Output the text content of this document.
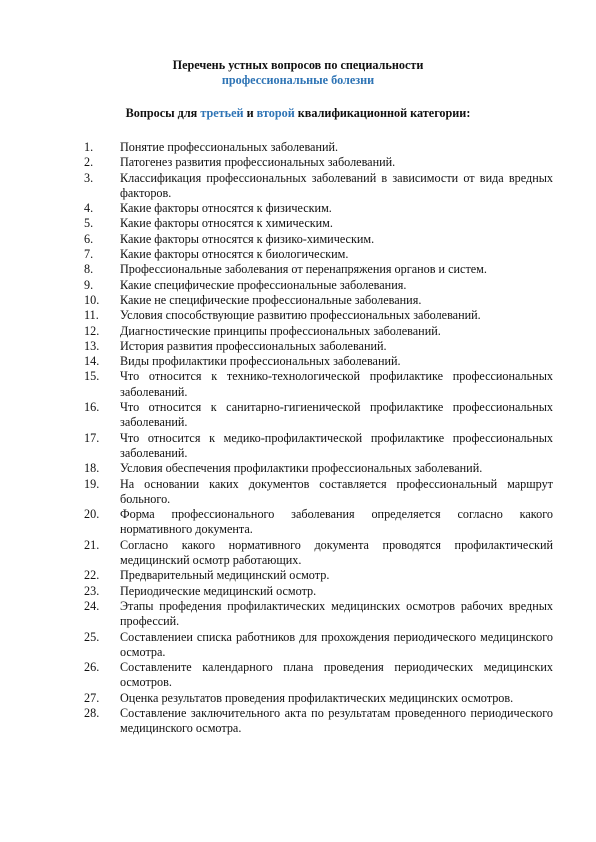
Перечень устных вопросов по специальности
профессиональные болезни
Вопросы для третьей и второй квалификационной категории:
1. Понятие профессиональных заболеваний.
2. Патогенез развития профессиональных заболеваний.
3. Классификация профессиональных заболеваний в зависимости от вида вредных факторов.
4. Какие факторы относятся к физическим.
5. Какие факторы относятся к химическим.
6. Какие факторы относятся к физико-химическим.
7. Какие факторы относятся к биологическим.
8. Профессиональные заболевания от перенапряжения органов и систем.
9. Какие специфические профессиональные заболевания.
10. Какие не специфические профессиональные заболевания.
11. Условия способствующие развитию профессиональных заболеваний.
12. Диагностические принципы профессиональных заболеваний.
13. История развития профессиональных заболеваний.
14. Виды профилактики профессиональных заболеваний.
15. Что относится к технико-технологической профилактике профессиональных заболеваний.
16. Что относится к санитарно-гигиенической профилактике профессиональных заболеваний.
17. Что относится к медико-профилактической профилактике профессиональных заболеваний.
18. Условия обеспечения профилактики профессиональных заболеваний.
19. На основании каких документов составляется профессиональный маршрут больного.
20. Форма профессионального заболевания определяется согласно какого нормативного документа.
21. Согласно какого нормативного документа проводятся профилактический медицинский осмотр работающих.
22. Предварительный медицинский осмотр.
23. Периодические медицинский осмотр.
24. Этапы профедения профилактических медицинских осмотров рабочих вредных профессий.
25. Составлениеи списка работников для прохождения периодического медицинского осмотра.
26. Составлените календарного плана проведения периодических медицинских осмотров.
27. Оценка результатов проведения профилактических медицинских осмотров.
28. Составление заключительного акта по результатам проведенного периодического медицинского осмотра.
